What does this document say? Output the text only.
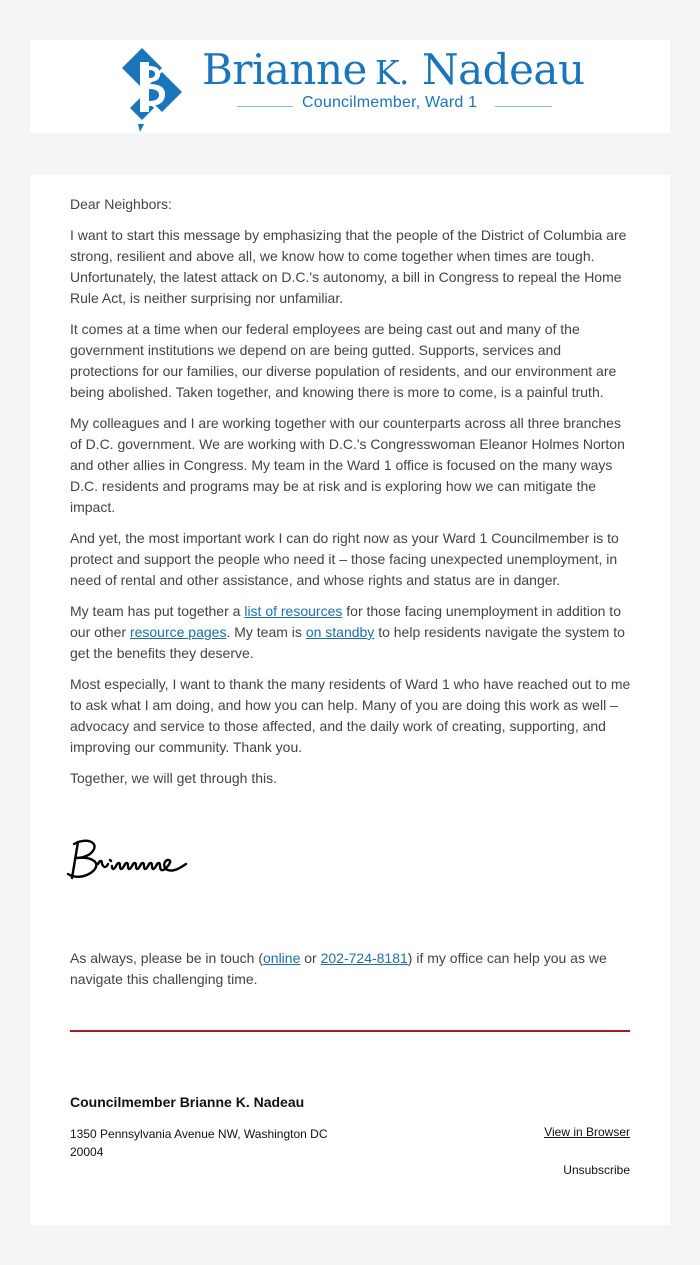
Brianne K. Nadeau
Councilmember, Ward 1

Dear Neighbors:

I want to start this message by emphasizing that the people of the District of Columbia are strong, resilient and above all, we know how to come together when times are tough. Unfortunately, the latest attack on D.C.'s autonomy, a bill in Congress to repeal the Home Rule Act, is neither surprising nor unfamiliar.

It comes at a time when our federal employees are being cast out and many of the government institutions we depend on are being gutted. Supports, services and protections for our families, our diverse population of residents, and our environment are being abolished. Taken together, and knowing there is more to come, is a painful truth.

My colleagues and I are working together with our counterparts across all three branches of D.C. government. We are working with D.C.'s Congresswoman Eleanor Holmes Norton and other allies in Congress. My team in the Ward 1 office is focused on the many ways D.C. residents and programs may be at risk and is exploring how we can mitigate the impact.

And yet, the most important work I can do right now as your Ward 1 Councilmember is to protect and support the people who need it – those facing unexpected unemployment, in need of rental and other assistance, and whose rights and status are in danger.

My team has put together a list of resources for those facing unemployment in addition to our other resource pages. My team is on standby to help residents navigate the system to get the benefits they deserve.

Most especially, I want to thank the many residents of Ward 1 who have reached out to me to ask what I am doing, and how you can help. Many of you are doing this work as well – advocacy and service to those affected, and the daily work of creating, supporting, and improving our community. Thank you.

Together, we will get through this.

As always, please be in touch (online or 202-724-8181) if my office can help you as we navigate this challenging time.

Councilmember Brianne K. Nadeau
1350 Pennsylvania Avenue NW, Washington DC 20004
View in Browser
Unsubscribe
